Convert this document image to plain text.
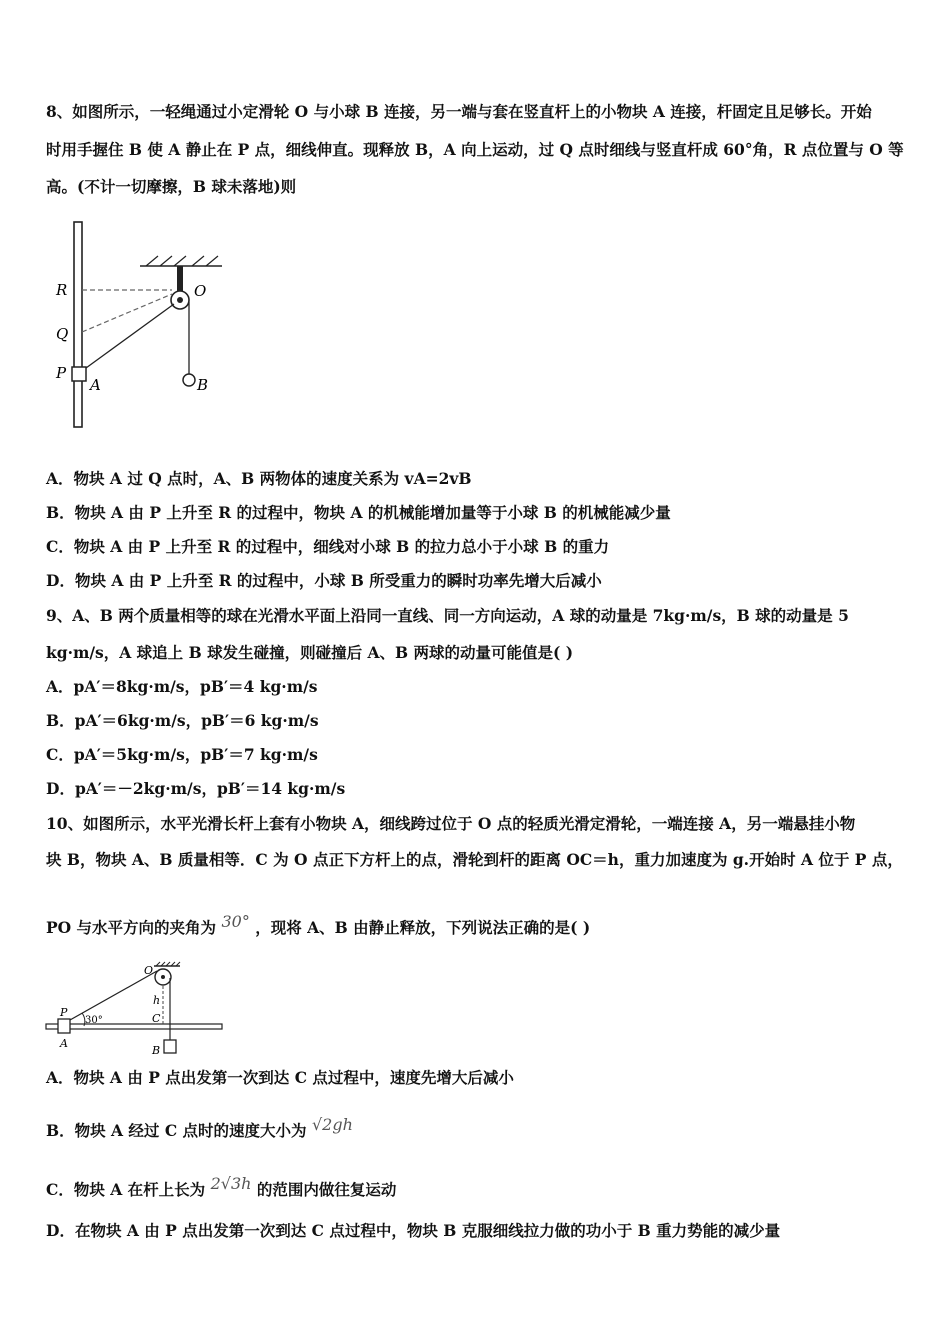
8、如图所示，一轻绳通过小定滑轮 O 与小球 B 连接，另一端与套在竖直杆上的小物块 A 连接，杆固定且足够长。开始
时用手握住 B 使 A 静止在 P 点，细线伸直。现释放 B，A 向上运动，过 Q 点时细线与竖直杆成 60°角，R 点位置与 O 等
高。(不计一切摩擦，B 球未落地)则
R
Q
P
A
O
B
A．物块 A 过 Q 点时，A、B 两物体的速度关系为 vA=2vB
B．物块 A 由 P 上升至 R 的过程中，物块 A 的机械能增加量等于小球 B 的机械能减少量
C．物块 A 由 P 上升至 R 的过程中，细线对小球 B 的拉力总小于小球 B 的重力
D．物块 A 由 P 上升至 R 的过程中，小球 B 所受重力的瞬时功率先增大后减小
9、A、B 两个质量相等的球在光滑水平面上沿同一直线、同一方向运动，A 球的动量是 7kg·m/s，B 球的动量是 5
kg·m/s，A 球追上 B 球发生碰撞，则碰撞后 A、B 两球的动量可能值是( )
A．pA′＝8kg·m/s，pB′＝4 kg·m/s
B．pA′＝6kg·m/s，pB′＝6 kg·m/s
C．pA′＝5kg·m/s，pB′＝7 kg·m/s
D．pA′＝－2kg·m/s，pB′＝14 kg·m/s
10、如图所示，水平光滑长杆上套有小物块 A，细线跨过位于 O 点的轻质光滑定滑轮，一端连接 A，另一端悬挂小物
块 B，物块 A、B 质量相等．C 为 O 点正下方杆上的点，滑轮到杆的距离 OC＝h，重力加速度为 g.开始时 A 位于 P 点，
PO 与水平方向的夹角为 30° ，现将 A、B 由静止释放，下列说法正确的是( )
O
h
P
30°	C
A
B
A．物块 A 由 P 点出发第一次到达 C 点过程中，速度先增大后减小
B．物块 A 经过 C 点时的速度大小为 √2gh
C．物块 A 在杆上长为 2√3h 的范围内做往复运动
D．在物块 A 由 P 点出发第一次到达 C 点过程中，物块 B 克服细线拉力做的功小于 B 重力势能的减少量
